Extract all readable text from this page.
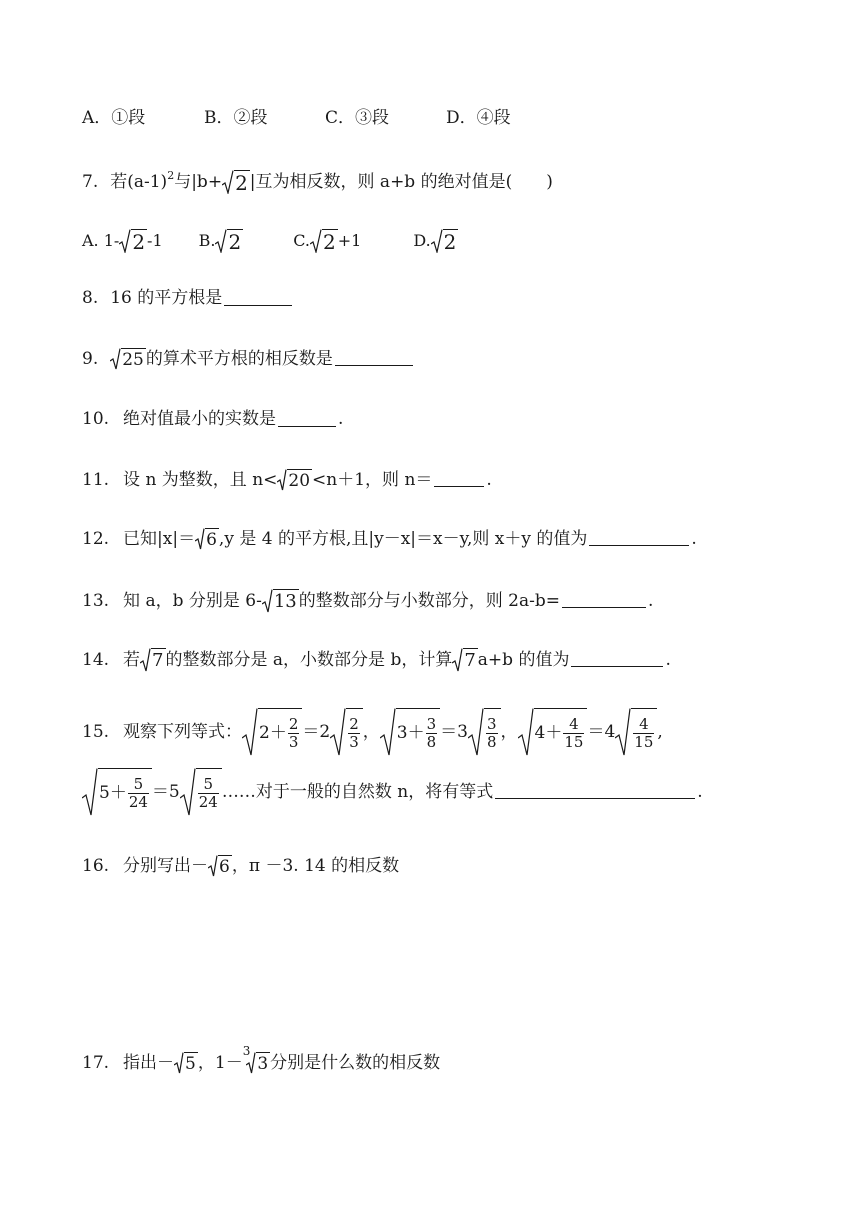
A．①段	B．②段	C．③段	D．④段
7. 若(a-1) 2 与|b+ 2 |互为相反数，则 a+b 的绝对值是(　　)
A. 1- 2 -1 B. 2	C. 2 +1	D. 2
8. 16 的平方根是
9. 25 的算术平方根的相反数是
10. 绝对值最小的实数是	.
11. 设 n 为整数，且 n< 20 <n＋1，则 n＝	.
12. 已知|x|＝ 6 ,y 是 4 的平方根,且|y－x|＝x－y,则 x＋y 的值为	.
13. 知 a，b 分别是 6- 13 的整数部分与小数部分，则 2a-b=	.
14. 若 7 的整数部分是 a，小数部分是 b，计算 7 a+b 的值为	.
15. 观察下列等式： $2 + \frac{2}{3} = 2 \frac{2}{3}$ ， $3 + \frac{3}{8} = 3 \frac{3}{8}$ ， $4 + \frac{4}{15} = 4 \frac{4}{15}$ ,
$5 + \frac{5}{24} = 5 \frac{5}{24}$ ……对于一般的自然数 n，将有等式	.
16. 分别写出－ 6 ，π －3. 14 的相反数
17. 指出－ 5 ，1－
3
3 分别是什么数的相反数
